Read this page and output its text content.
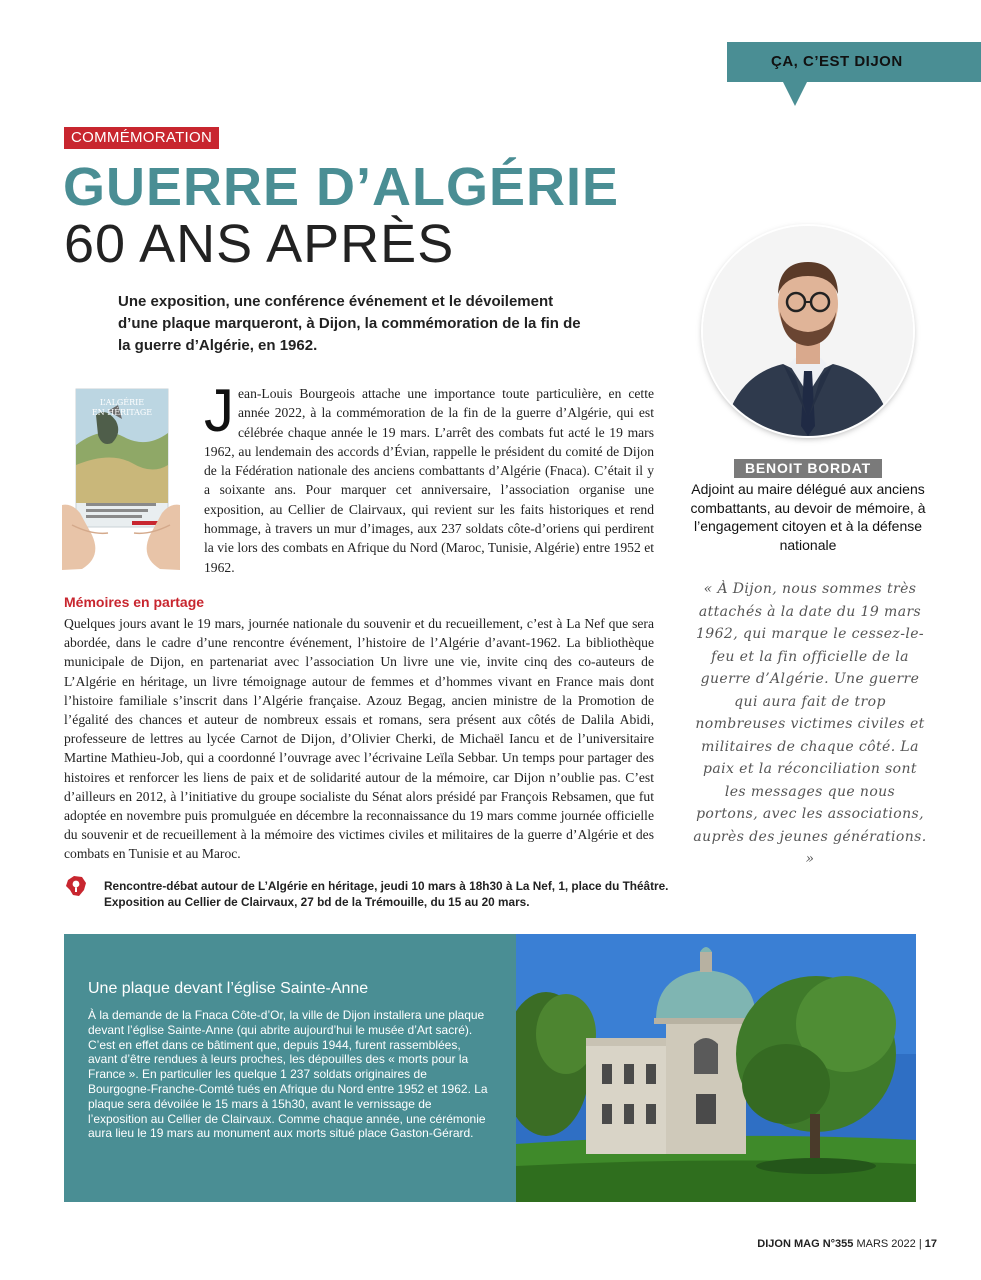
ÇA, C’EST DIJON
COMMÉMORATION
GUERRE D’ALGÉRIE
60 ANS APRÈS

Une exposition, une conférence événement et le dévoilement d’une plaque marqueront, à Dijon, la commémoration de la fin de la guerre d’Algérie, en 1962.

L’ALGÉRIE
EN HÉRITAGE Jean-Louis Bourgeois attache une importance toute particulière, en cette année 2022, à la commémoration de la fin de la guerre d’Algérie, qui est célébrée chaque année le 19 mars. L’arrêt des combats fut acté le 19 mars 1962, au lendemain des accords d’Évian, rappelle le président du comité de Dijon de la Fédération nationale des anciens combattants d’Algérie (Fnaca). C’était il y a soixante ans. Pour marquer cet anniversaire, l’association organise une exposition, au Cellier de Clairvaux, qui revient sur les faits historiques et rend hommage, à travers un mur d’images, aux 237 soldats côte-d’oriens qui perdirent la vie lors des combats en Afrique du Nord (Maroc, Tunisie, Algérie) entre 1952 et 1962.

Mémoires en partage

Quelques jours avant le 19 mars, journée nationale du souvenir et du recueillement, c’est à La Nef que sera abordée, dans le cadre d’une rencontre événement, l’histoire de l’Algérie d’avant-1962. La bibliothèque municipale de Dijon, en partenariat avec l’association Un livre une vie, invite cinq des co-auteurs de L’Algérie en héritage, un livre témoignage autour de femmes et d’hommes vivant en France mais dont l’histoire familiale s’inscrit dans l’Algérie française. Azouz Begag, ancien ministre de la Promotion de l’égalité des chances et auteur de nombreux essais et romans, sera présent aux côtés de Dalila Abidi, professeure de lettres au lycée Carnot de Dijon, d’Olivier Cherki, de Michaël Iancu et de l’universitaire Martine Mathieu-Job, qui a coordonné l’ouvrage avec l’écrivaine Leïla Sebbar. Un temps pour partager des histoires et renforcer les liens de paix et de solidarité autour de la mémoire, car Dijon n’oublie pas. C’est d’ailleurs en 2012, à l’initiative du groupe socialiste du Sénat alors présidé par François Rebsamen, que fut adoptée en novembre puis promulguée en décembre la reconnaissance du 19 mars comme journée officielle du souvenir et de recueillement à la mémoire des victimes civiles et militaires de la guerre d’Algérie et des combats en Tunisie et au Maroc.

Rencontre-débat autour de L’Algérie en héritage, jeudi 10 mars à 18h30 à La Nef, 1, place du Théâtre.
Exposition au Cellier de Clairvaux, 27 bd de la Trémouille, du 15 au 20 mars.

BENOIT BORDAT

Adjoint au maire délégué aux anciens combattants, au devoir de mémoire, à l’engagement citoyen et à la défense nationale

« À Dijon, nous sommes très attachés à la date du 19 mars 1962, qui marque le cessez-le-feu et la fin officielle de la guerre d’Algérie. Une guerre qui aura fait de trop nombreuses victimes civiles et militaires de chaque côté. La paix et la réconciliation sont les messages que nous portons, avec les associations, auprès des jeunes générations. »

Une plaque devant l’église Sainte-Anne

À la demande de la Fnaca Côte-d’Or, la ville de Dijon installera une plaque devant l’église Sainte-Anne (qui abrite aujourd’hui le musée d’Art sacré). C’est en effet dans ce bâtiment que, depuis 1944, furent rassemblées, avant d’être rendues à leurs proches, les dépouilles des « morts pour la France ». En particulier les quelque 1 237 soldats originaires de Bourgogne-Franche-Comté tués en Afrique du Nord entre 1952 et 1962. La plaque sera dévoilée le 15 mars à 15h30, avant le vernissage de l’exposition au Cellier de Clairvaux. Comme chaque année, une cérémonie aura lieu le 19 mars au monument aux morts situé place Gaston-Gérard.

DIJON MAG N°355 MARS 2022 | 17
